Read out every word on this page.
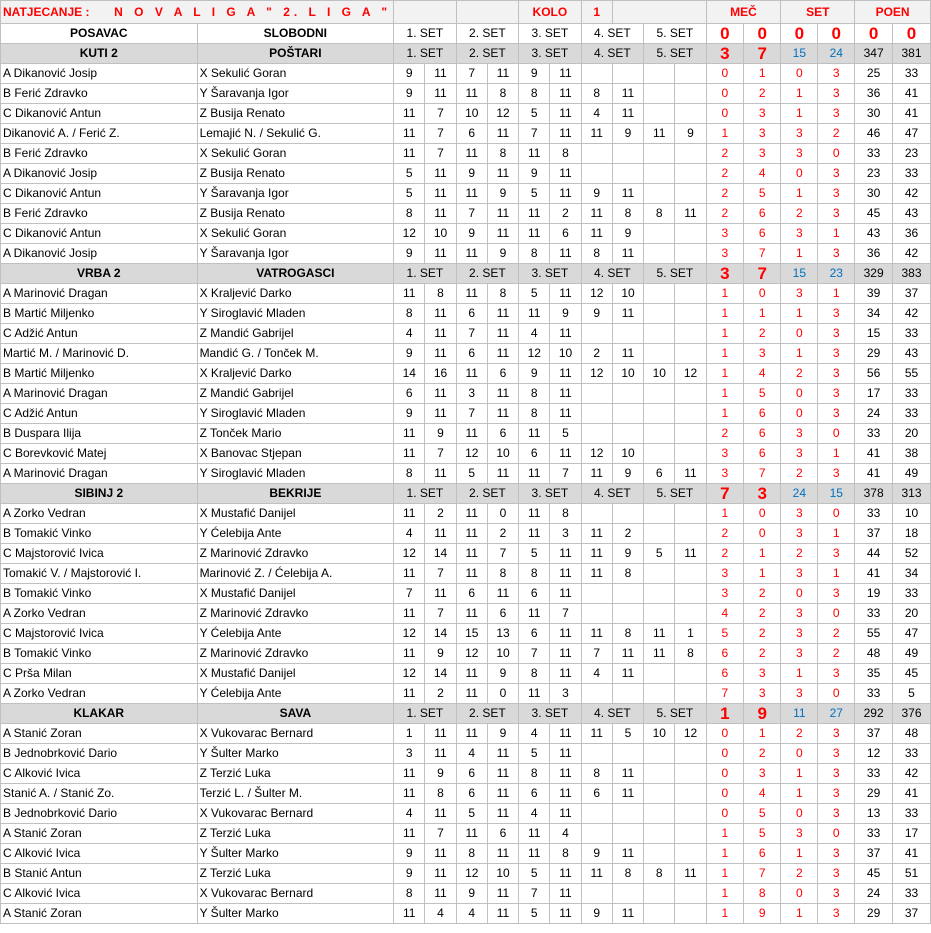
NATJECANJE : N O V A L I G A " 2. L I G A "						KOLO		1				MEČ		SET		POEN	
POSAVAC	SLOBODNI	1. SET		2. SET		3. SET		4. SET		5. SET		0	0	0	0	0	0
KUTI 2	POŠTARI	1. SET		2. SET		3. SET		4. SET		5. SET		3	7	15	24	347	381
A Dikanović Josip	X Sekulić Goran	9	11	7	11	9	11					0	1	0	3	25	33
B Ferić Zdravko	Y Šaravanja Igor	9	11	11	8	8	11	8	11			0	2	1	3	36	41
C Dikanović Antun	Z Busija Renato	11	7	10	12	5	11	4	11			0	3	1	3	30	41
Dikanović A. / Ferić Z.	Lemajić N. / Sekulić G.	11	7	6	11	7	11	11	9	11	9	1	3	3	2	46	47
B Ferić Zdravko	X Sekulić Goran	11	7	11	8	11	8					2	3	3	0	33	23
A Dikanović Josip	Z Busija Renato	5	11	9	11	9	11					2	4	0	3	23	33
C Dikanović Antun	Y Šaravanja Igor	5	11	11	9	5	11	9	11			2	5	1	3	30	42
B Ferić Zdravko	Z Busija Renato	8	11	7	11	11	2	11	8	8	11	2	6	2	3	45	43
C Dikanović Antun	X Sekulić Goran	12	10	9	11	11	6	11	9			3	6	3	1	43	36
A Dikanović Josip	Y Šaravanja Igor	9	11	11	9	8	11	8	11			3	7	1	3	36	42
VRBA 2	VATROGASCI	1. SET		2. SET		3. SET		4. SET		5. SET		3	7	15	23	329	383
A Marinović Dragan	X Kraljević Darko	11	8	11	8	5	11	12	10			1	0	3	1	39	37
B Martić Miljenko	Y Siroglavić Mladen	8	11	6	11	11	9	9	11			1	1	1	3	34	42
C Adžić Antun	Z Mandić Gabrijel	4	11	7	11	4	11					1	2	0	3	15	33
Martić M. / Marinović D.	Mandić G. / Tonček M.	9	11	6	11	12	10	2	11			1	3	1	3	29	43
B Martić Miljenko	X Kraljević Darko	14	16	11	6	9	11	12	10	10	12	1	4	2	3	56	55
A Marinović Dragan	Z Mandić Gabrijel	6	11	3	11	8	11					1	5	0	3	17	33
C Adžić Antun	Y Siroglavić Mladen	9	11	7	11	8	11					1	6	0	3	24	33
B Duspara Ilija	Z Tonček Mario	11	9	11	6	11	5					2	6	3	0	33	20
C Borevković Matej	X Banovac Stjepan	11	7	12	10	6	11	12	10			3	6	3	1	41	38
A Marinović Dragan	Y Siroglavić Mladen	8	11	5	11	11	7	11	9	6	11	3	7	2	3	41	49
SIBINJ 2	BEKRIJE	1. SET		2. SET		3. SET		4. SET		5. SET		7	3	24	15	378	313
A Zorko Vedran	X Mustafić Danijel	11	2	11	0	11	8					1	0	3	0	33	10
B Tomakić Vinko	Y Ćelebija Ante	4	11	11	2	11	3	11	2			2	0	3	1	37	18
C Majstorović Ivica	Z Marinović Zdravko	12	14	11	7	5	11	11	9	5	11	2	1	2	3	44	52
Tomakić V. / Majstorović I.	Marinović Z. / Ćelebija A.	11	7	11	8	8	11	11	8			3	1	3	1	41	34
B Tomakić Vinko	X Mustafić Danijel	7	11	6	11	6	11					3	2	0	3	19	33
A Zorko Vedran	Z Marinović Zdravko	11	7	11	6	11	7					4	2	3	0	33	20
C Majstorović Ivica	Y Ćelebija Ante	12	14	15	13	6	11	11	8	11	1	5	2	3	2	55	47
B Tomakić Vinko	Z Marinović Zdravko	11	9	12	10	7	11	7	11	11	8	6	2	3	2	48	49
C Prša Milan	X Mustafić Danijel	12	14	11	9	8	11	4	11			6	3	1	3	35	45
A Zorko Vedran	Y Ćelebija Ante	11	2	11	0	11	3					7	3	3	0	33	5
KLAKAR	SAVA	1. SET		2. SET		3. SET		4. SET		5. SET		1	9	11	27	292	376
A Stanić Zoran	X Vukovarac Bernard	1	11	11	9	4	11	11	5	10	12	0	1	2	3	37	48
B Jednobrković Dario	Y Šulter Marko	3	11	4	11	5	11					0	2	0	3	12	33
C Alković Ivica	Z Terzić Luka	11	9	6	11	8	11	8	11			0	3	1	3	33	42
Stanić A. / Stanić Zo.	Terzić L. / Šulter M.	11	8	6	11	6	11	6	11			0	4	1	3	29	41
B Jednobrković Dario	X Vukovarac Bernard	4	11	5	11	4	11					0	5	0	3	13	33
A Stanić Zoran	Z Terzić Luka	11	7	11	6	11	4					1	5	3	0	33	17
C Alković Ivica	Y Šulter Marko	9	11	8	11	11	8	9	11			1	6	1	3	37	41
B Stanić Antun	Z Terzić Luka	9	11	12	10	5	11	11	8	8	11	1	7	2	3	45	51
C Alković Ivica	X Vukovarac Bernard	8	11	9	11	7	11					1	8	0	3	24	33
A Stanić Zoran	Y Šulter Marko	11	4	4	11	5	11	9	11			1	9	1	3	29	37
